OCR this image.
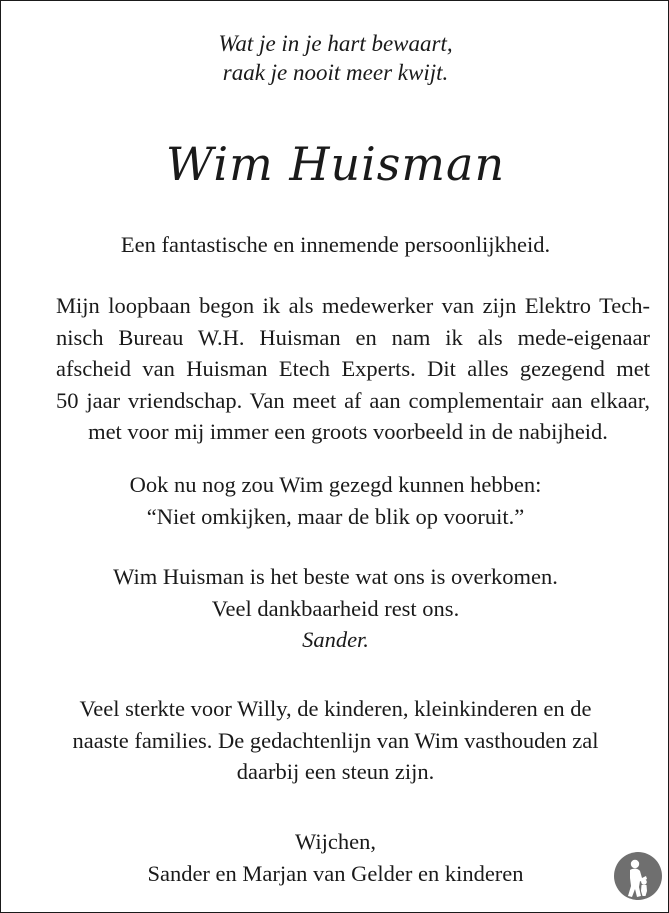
Wat je in je hart bewaart,
raak je nooit meer kwijt.
Wim Huisman
Een fantastische en innemende persoonlijkheid.
Mijn loopbaan begon ik als medewerker van zijn Elektro Tech-
nisch Bureau W.H. Huisman en nam ik als mede-eigenaar
afscheid van Huisman Etech Experts. Dit alles gezegend met
50 jaar vriendschap. Van meet af aan complementair aan elkaar,
met voor mij immer een groots voorbeeld in de nabijheid.
Ook nu nog zou Wim gezegd kunnen hebben:
“Niet omkijken, maar de blik op vooruit.”
Wim Huisman is het beste wat ons is overkomen.
Veel dankbaarheid rest ons.
Sander.
Veel sterkte voor Willy, de kinderen, kleinkinderen en de
naaste families. De gedachtenlijn van Wim vasthouden zal
daarbij een steun zijn.
Wijchen,
Sander en Marjan van Gelder en kinderen
